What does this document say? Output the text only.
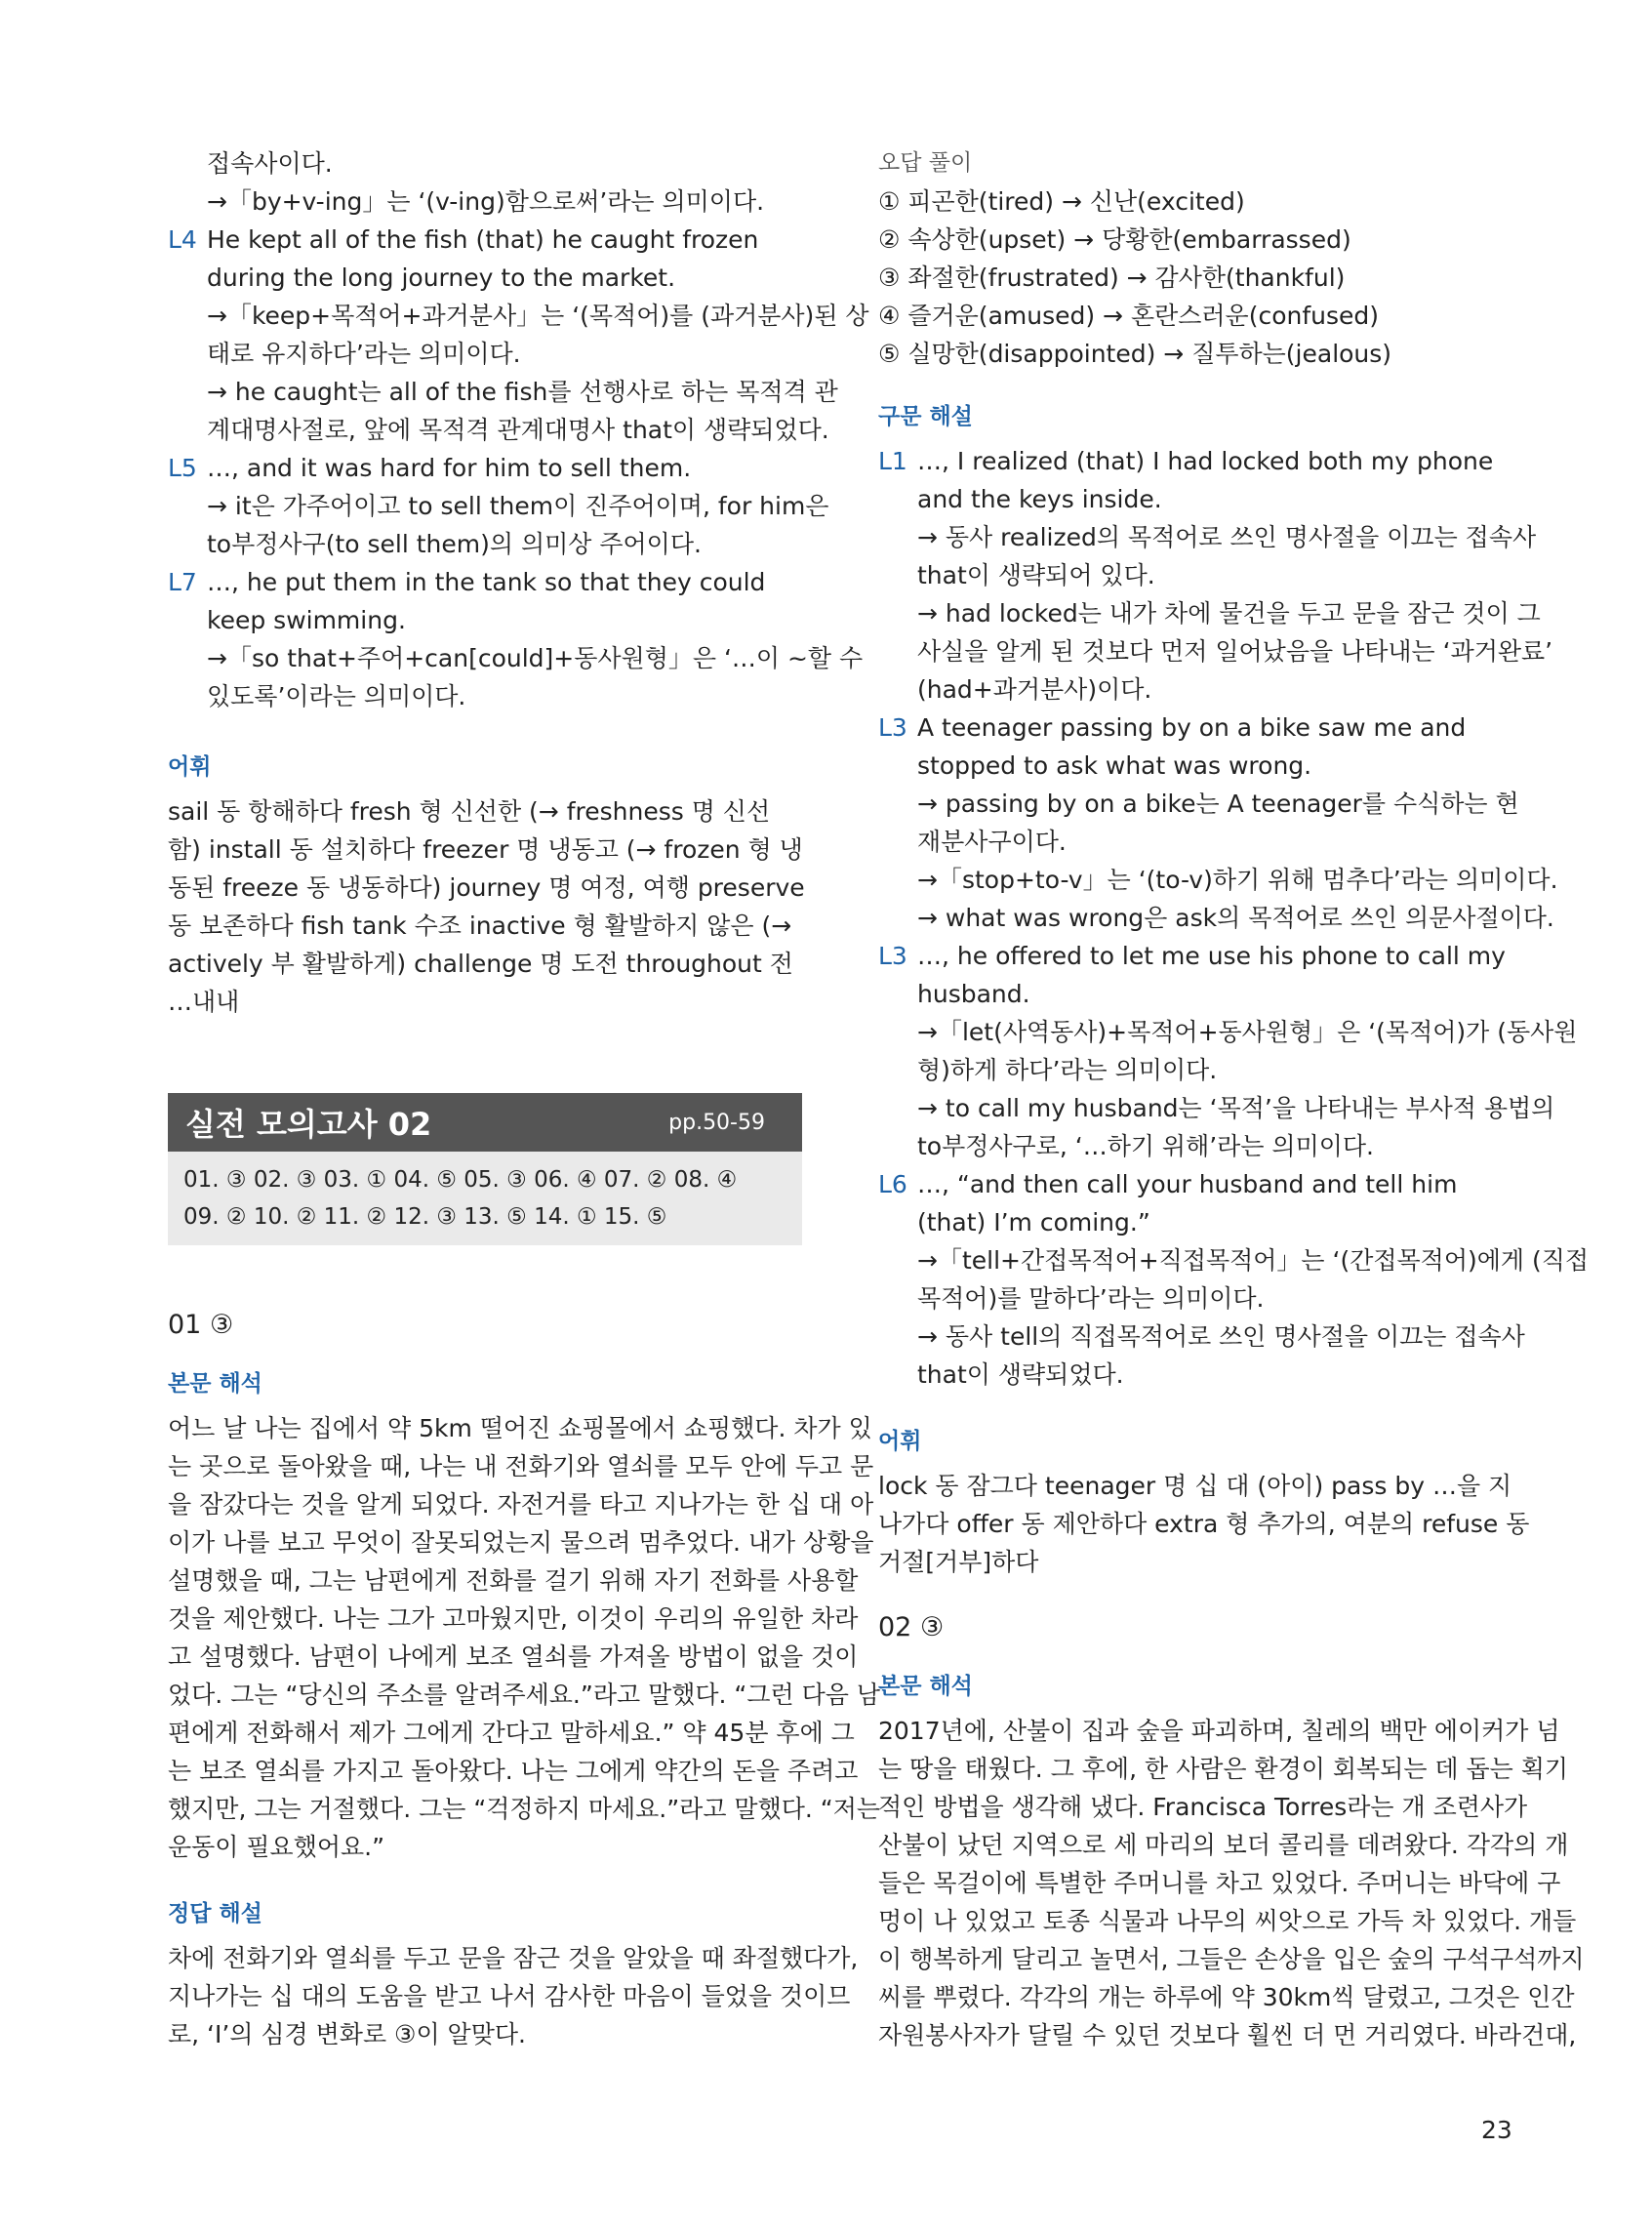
접속사이다.
→「by+v-ing」는 ‘(v-ing)함으로써’라는 의미이다.
L4 He kept all of the fish (that) he caught frozen
during the long journey to the market.
→「keep+목적어+과거분사」는 ‘(목적어)를 (과거분사)된 상
태로 유지하다’라는 의미이다.
→ he caught는 all of the fish를 선행사로 하는 목적격 관
계대명사절로, 앞에 목적격 관계대명사 that이 생략되었다.
L5 …, and it was hard for him to sell them.
→ it은 가주어이고 to sell them이 진주어이며, for him은
to부정사구(to sell them)의 의미상 주어이다.
L7 …, he put them in the tank so that they could
keep swimming.
→「so that+주어+can[could]+동사원형」은 ‘…이 ~할 수
있도록’이라는 의미이다.
어휘
sail 동 항해하다 fresh 형 신선한 (→ freshness 명 신선
함) install 동 설치하다 freezer 명 냉동고 (→ frozen 형 냉
동된 freeze 동 냉동하다) journey 명 여정, 여행 preserve
동 보존하다 fish tank 수조 inactive 형 활발하지 않은 (→
actively 부 활발하게) challenge 명 도전 throughout 전
…내내
실전 모의고사 02	pp.50-59
01. ③ 02. ③ 03. ① 04. ⑤ 05. ③ 06. ④ 07. ② 08. ④
09. ② 10. ② 11. ② 12. ③ 13. ⑤ 14. ① 15. ⑤
01 ③
본문 해석
어느 날 나는 집에서 약 5km 떨어진 쇼핑몰에서 쇼핑했다. 차가 있
는 곳으로 돌아왔을 때, 나는 내 전화기와 열쇠를 모두 안에 두고 문
을 잠갔다는 것을 알게 되었다. 자전거를 타고 지나가는 한 십 대 아
이가 나를 보고 무엇이 잘못되었는지 물으려 멈추었다. 내가 상황을
설명했을 때, 그는 남편에게 전화를 걸기 위해 자기 전화를 사용할
것을 제안했다. 나는 그가 고마웠지만, 이것이 우리의 유일한 차라
고 설명했다. 남편이 나에게 보조 열쇠를 가져올 방법이 없을 것이
었다. 그는 “당신의 주소를 알려주세요.”라고 말했다. “그런 다음 남
편에게 전화해서 제가 그에게 간다고 말하세요.” 약 45분 후에 그
는 보조 열쇠를 가지고 돌아왔다. 나는 그에게 약간의 돈을 주려고
했지만, 그는 거절했다. 그는 “걱정하지 마세요.”라고 말했다. “저는
운동이 필요했어요.”
정답 해설
차에 전화기와 열쇠를 두고 문을 잠근 것을 알았을 때 좌절했다가,
지나가는 십 대의 도움을 받고 나서 감사한 마음이 들었을 것이므
로, ‘I’의 심경 변화로 ③이 알맞다.
오답 풀이
① 피곤한(tired) → 신난(excited)
② 속상한(upset) → 당황한(embarrassed)
③ 좌절한(frustrated) → 감사한(thankful)
④ 즐거운(amused) → 혼란스러운(confused)
⑤ 실망한(disappointed) → 질투하는(jealous)
구문 해설
L1 …, I realized (that) I had locked both my phone
and the keys inside.
→ 동사 realized의 목적어로 쓰인 명사절을 이끄는 접속사
that이 생략되어 있다.
→ had locked는 내가 차에 물건을 두고 문을 잠근 것이 그
사실을 알게 된 것보다 먼저 일어났음을 나타내는 ‘과거완료’
(had+과거분사)이다.
L3 A teenager passing by on a bike saw me and
stopped to ask what was wrong.
→ passing by on a bike는 A teenager를 수식하는 현
재분사구이다.
→「stop+to-v」는 ‘(to-v)하기 위해 멈추다’라는 의미이다.
→ what was wrong은 ask의 목적어로 쓰인 의문사절이다.
L3 …, he offered to let me use his phone to call my
husband.
→「let(사역동사)+목적어+동사원형」은 ‘(목적어)가 (동사원
형)하게 하다’라는 의미이다.
→ to call my husband는 ‘목적’을 나타내는 부사적 용법의
to부정사구로, ‘…하기 위해’라는 의미이다.
L6 …, “and then call your husband and tell him
(that) I’m coming.”
→「tell+간접목적어+직접목적어」는 ‘(간접목적어)에게 (직접
목적어)를 말하다’라는 의미이다.
→ 동사 tell의 직접목적어로 쓰인 명사절을 이끄는 접속사
that이 생략되었다.
어휘
lock 동 잠그다 teenager 명 십 대 (아이) pass by …을 지
나가다 offer 동 제안하다 extra 형 추가의, 여분의 refuse 동
거절[거부]하다
02 ③
본문 해석
2017년에, 산불이 집과 숲을 파괴하며, 칠레의 백만 에이커가 넘
는 땅을 태웠다. 그 후에, 한 사람은 환경이 회복되는 데 돕는 획기
적인 방법을 생각해 냈다. Francisca Torres라는 개 조련사가
산불이 났던 지역으로 세 마리의 보더 콜리를 데려왔다. 각각의 개
들은 목걸이에 특별한 주머니를 차고 있었다. 주머니는 바닥에 구
멍이 나 있었고 토종 식물과 나무의 씨앗으로 가득 차 있었다. 개들
이 행복하게 달리고 놀면서, 그들은 손상을 입은 숲의 구석구석까지
씨를 뿌렸다. 각각의 개는 하루에 약 30km씩 달렸고, 그것은 인간
자원봉사자가 달릴 수 있던 것보다 훨씬 더 먼 거리였다. 바라건대,
23
